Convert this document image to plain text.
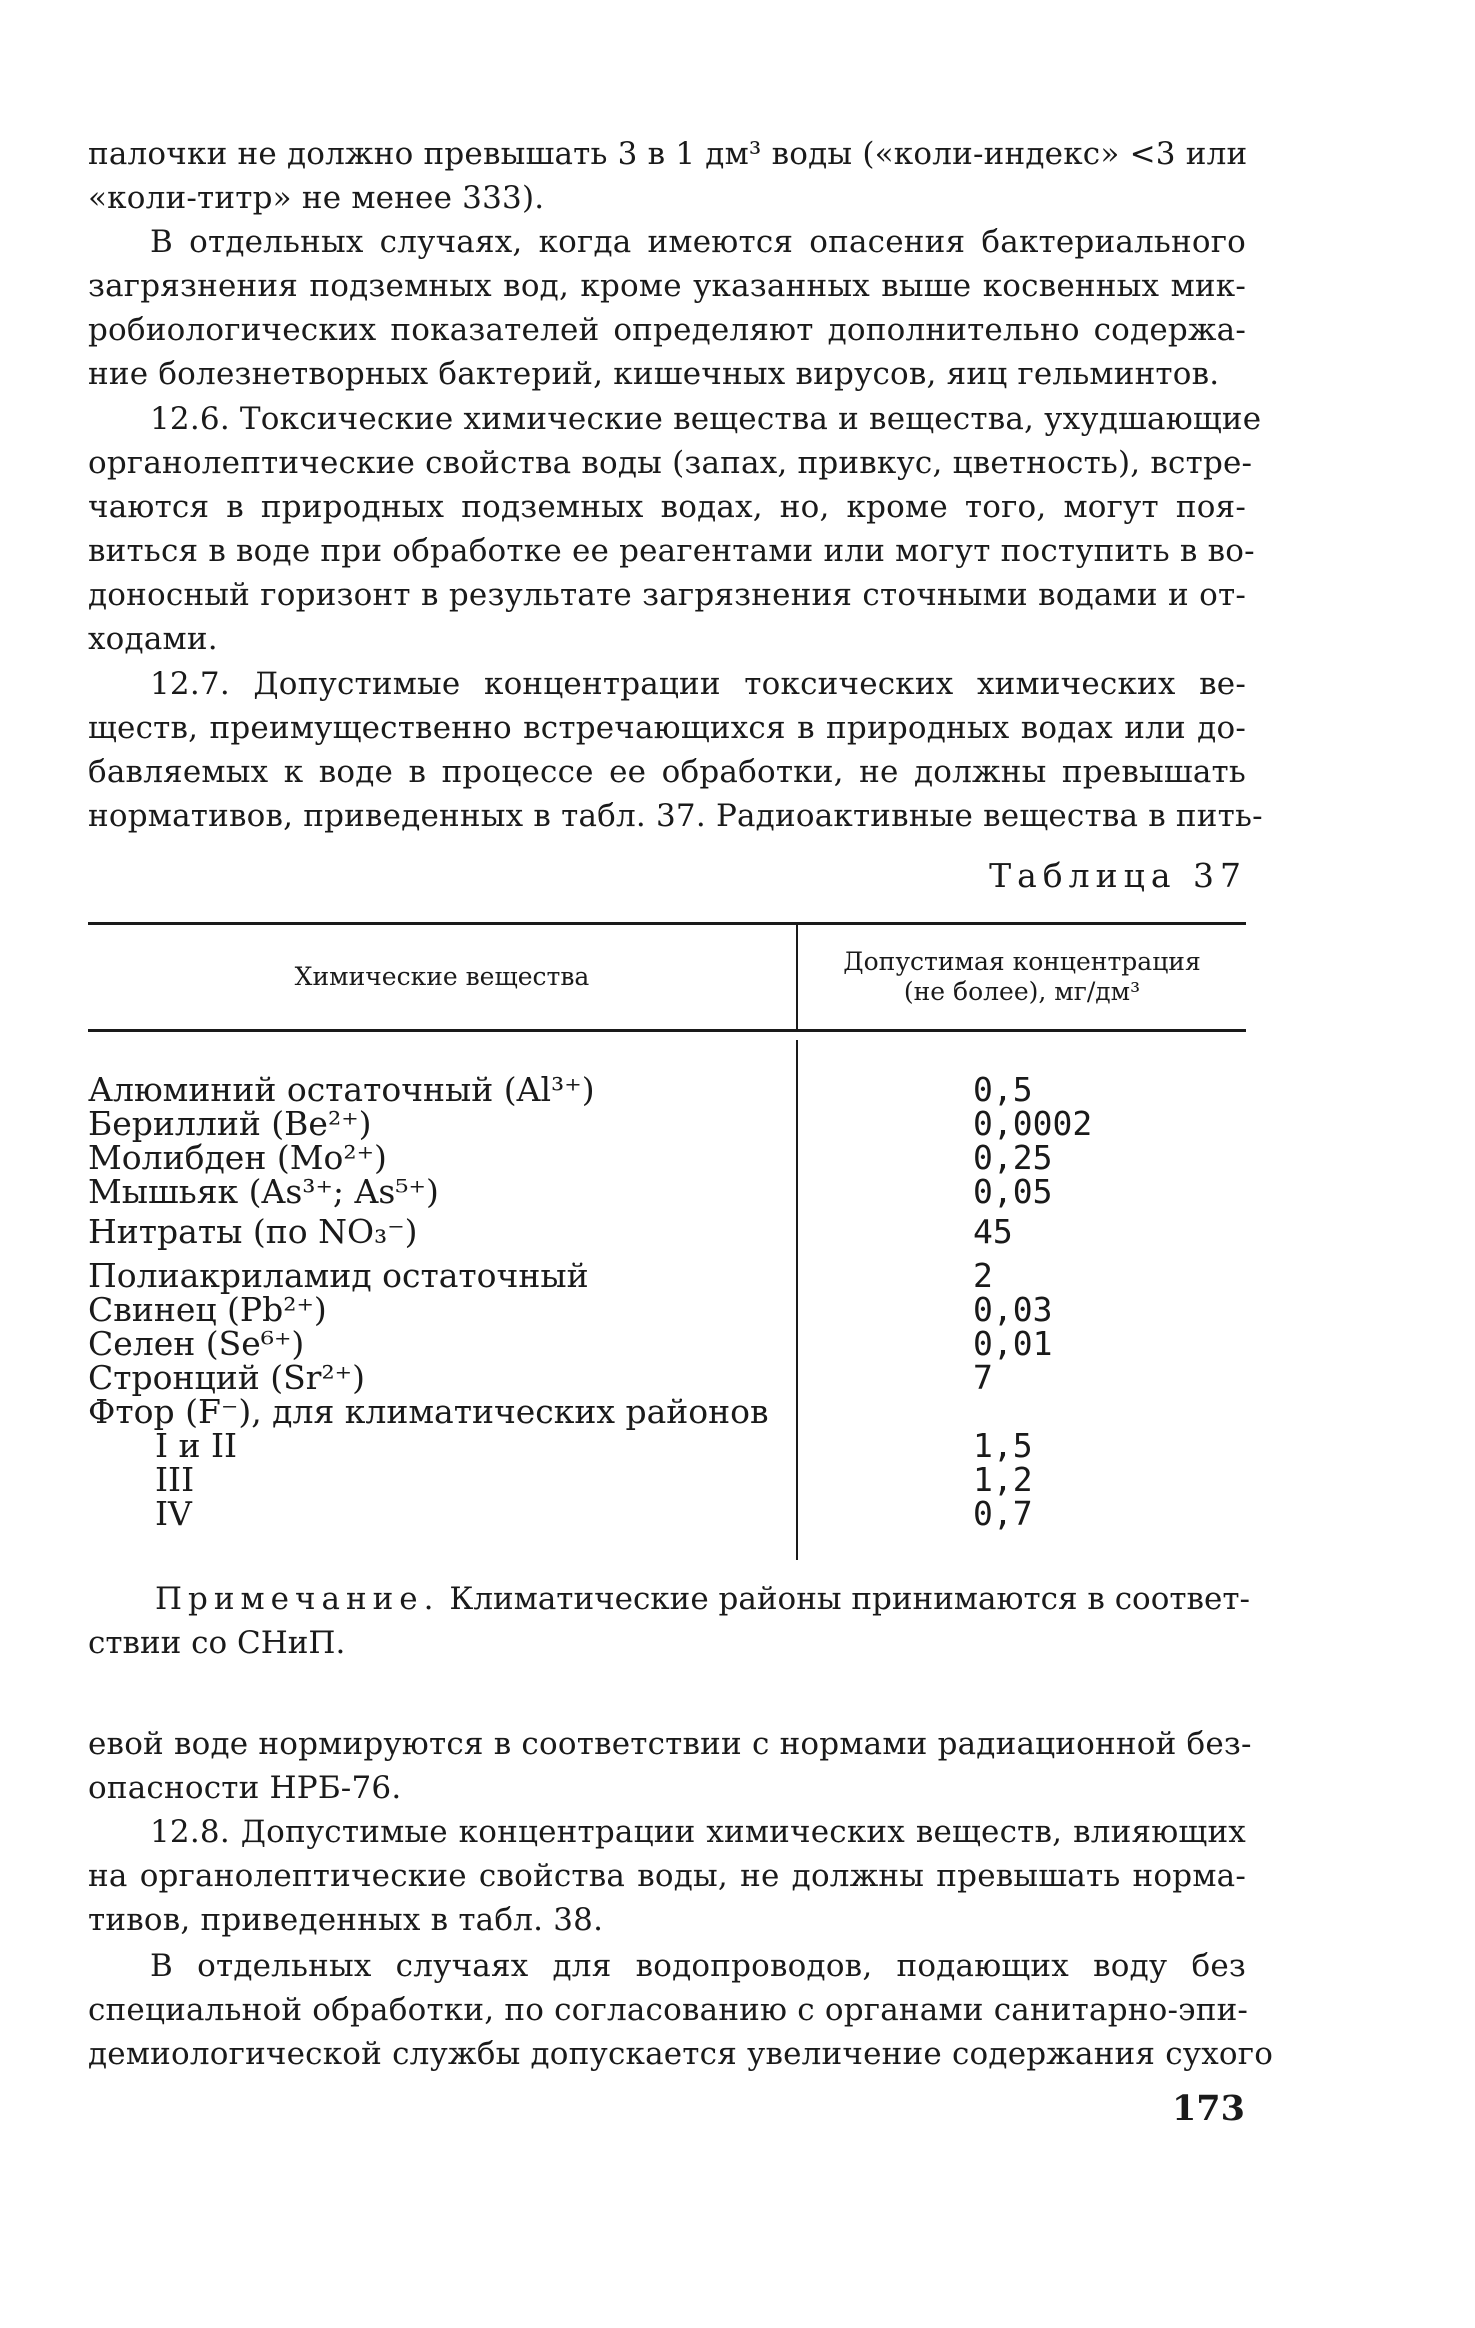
палочки не должно превышать 3 в 1 дм³ воды («коли-индекс» <3 или
«коли-титр» не менее 333).
В отдельных случаях, когда имеются опасения бактериального
загрязнения подземных вод, кроме указанных выше косвенных мик-
робиологических показателей определяют дополнительно содержа-
ние болезнетворных бактерий, кишечных вирусов, яиц гельминтов.
12.6. Токсические химические вещества и вещества, ухудшающие
органолептические свойства воды (запах, привкус, цветность), встре-
чаются в природных подземных водах, но, кроме того, могут поя-
виться в воде при обработке ее реагентами или могут поступить в во-
доносный горизонт в результате загрязнения сточными водами и от-
ходами.
12.7. Допустимые концентрации токсических химических ве-
ществ, преимущественно встречающихся в природных водах или до-
бавляемых к воде в процессе ее обработки, не должны превышать
нормативов, приведенных в табл. 37. Радиоактивные вещества в пить-
Таблица 37
Химические вещества
Допустимая концентрация
(не более), мг/дм³
Алюминий остаточный (Al³⁺)	0,5
Бериллий (Be²⁺)	0,0002
Молибден (Mo²⁺)	0,25
Мышьяк (As³⁺; As⁵⁺)	0,05
Нитраты (по NO₃⁻)	45
Полиакриламид остаточный	2
Свинец (Pb²⁺)	0,03
Селен (Se⁶⁺)	0,01
Стронций (Sr²⁺)	7
Фтор (F⁻), для климатических районов
I и II	1,5
III	1,2
IV	0,7
Примечание. Климатические районы принимаются в соответ-
ствии со СНиП.
евой воде нормируются в соответствии с нормами радиационной без-
опасности НРБ-76.
12.8. Допустимые концентрации химических веществ, влияющих
на органолептические свойства воды, не должны превышать норма-
тивов, приведенных в табл. 38.
В отдельных случаях для водопроводов, подающих воду без
специальной обработки, по согласованию с органами санитарно-эпи-
демиологической службы допускается увеличение содержания сухого
173
